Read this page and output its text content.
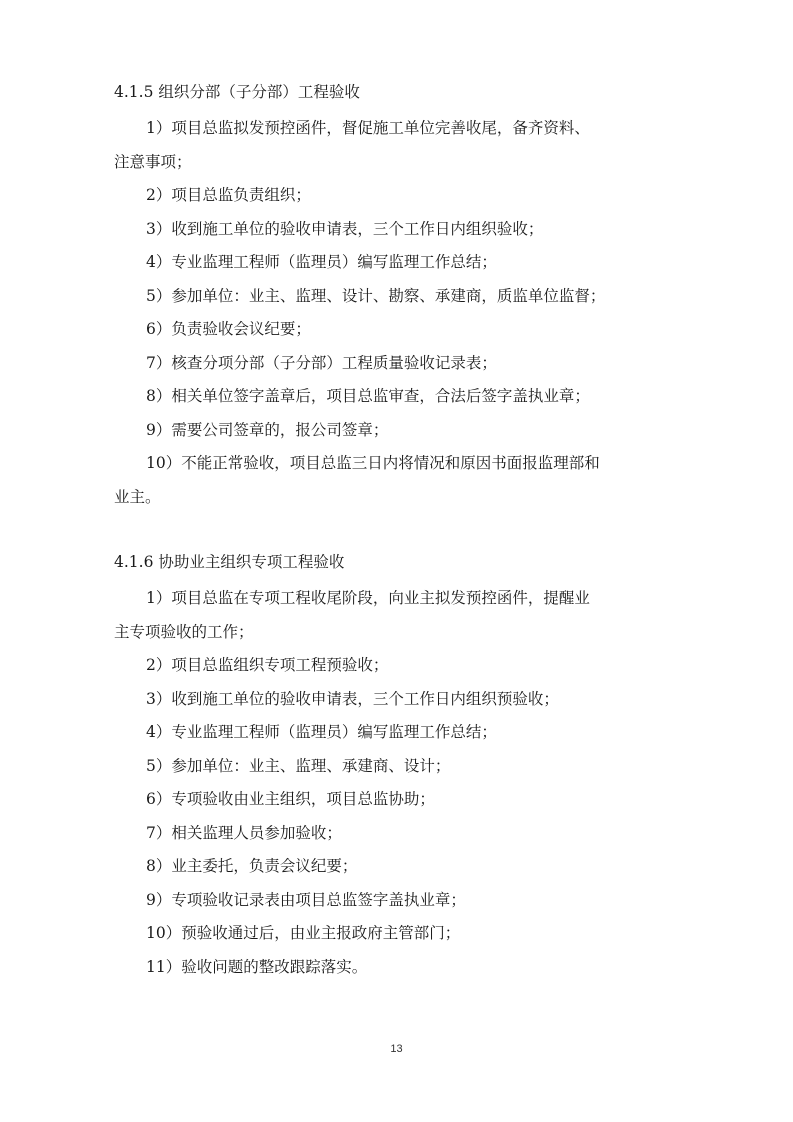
4.1.5 组织分部（子分部）工程验收

1）项目总监拟发预控函件，督促施工单位完善收尾，备齐资料、
注意事项；

2）项目总监负责组织；

3）收到施工单位的验收申请表，三个工作日内组织验收；

4）专业监理工程师（监理员）编写监理工作总结；

5）参加单位：业主、监理、设计、勘察、承建商，质监单位监督；

6）负责验收会议纪要；

7）核查分项分部（子分部）工程质量验收记录表；

8）相关单位签字盖章后，项目总监审查，合法后签字盖执业章；

9）需要公司签章的，报公司签章；

10）不能正常验收，项目总监三日内将情况和原因书面报监理部和
业主。

4.1.6 协助业主组织专项工程验收

1）项目总监在专项工程收尾阶段，向业主拟发预控函件，提醒业
主专项验收的工作；

2）项目总监组织专项工程预验收；

3）收到施工单位的验收申请表，三个工作日内组织预验收；

4）专业监理工程师（监理员）编写监理工作总结；

5）参加单位：业主、监理、承建商、设计；

6）专项验收由业主组织，项目总监协助；

7）相关监理人员参加验收；

8）业主委托，负责会议纪要；

9）专项验收记录表由项目总监签字盖执业章；

10）预验收通过后，由业主报政府主管部门；

11）验收问题的整改跟踪落实。

13
